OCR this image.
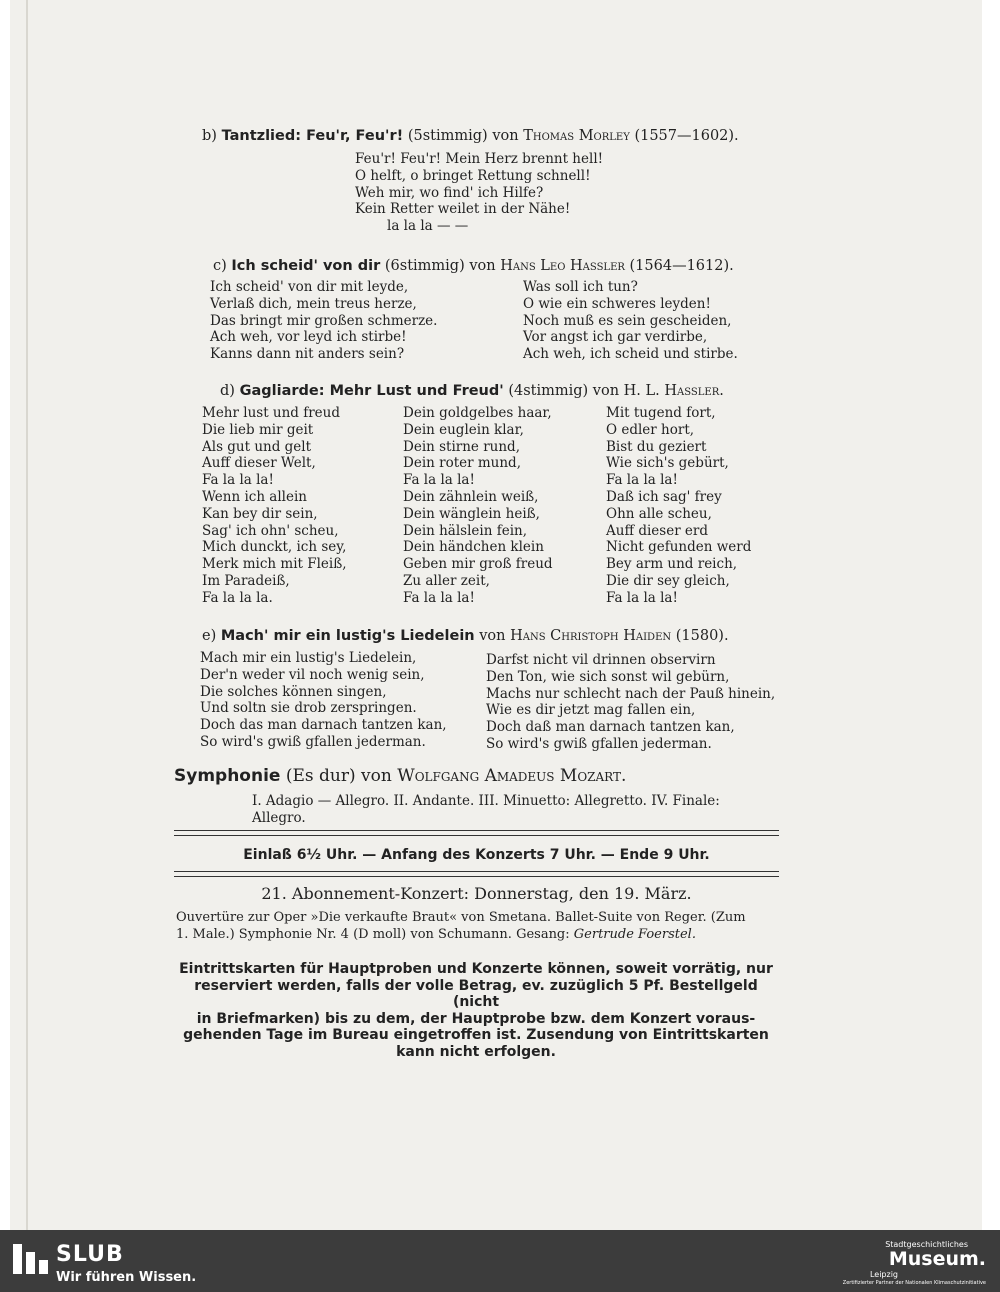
b) Tantzlied: Feu'r, Feu'r! (5stimmig) von Thomas Morley (1557—1602).
Feu'r! Feu'r! Mein Herz brennt hell!
O helft, o bringet Rettung schnell!
Weh mir, wo find' ich Hilfe?
Kein Retter weilet in der Nähe!
la la la — —
c) Ich scheid' von dir (6stimmig) von Hans Leo Hassler (1564—1612).
Ich scheid' von dir mit leyde,
Verlaß dich, mein treus herze,
Das bringt mir großen schmerze.
Ach weh, vor leyd ich stirbe!
Kanns dann nit anders sein?
Was soll ich tun?
O wie ein schweres leyden!
Noch muß es sein gescheiden,
Vor angst ich gar verdirbe,
Ach weh, ich scheid und stirbe.
d) Gagliarde: Mehr Lust und Freud' (4stimmig) von H. L. Hassler.
Mehr lust und freud
Die lieb mir geit
Als gut und gelt
Auff dieser Welt,
Fa la la la!
Wenn ich allein
Kan bey dir sein,
Sag' ich ohn' scheu,
Mich dunckt, ich sey,
Merk mich mit Fleiß,
Im Paradeiß,
Fa la la la.
Dein goldgelbes haar,
Dein euglein klar,
Dein stirne rund,
Dein roter mund,
Fa la la la!
Dein zähnlein weiß,
Dein wänglein heiß,
Dein hälslein fein,
Dein händchen klein
Geben mir groß freud
Zu aller zeit,
Fa la la la!
Mit tugend fort,
O edler hort,
Bist du geziert
Wie sich's gebürt,
Fa la la la!
Daß ich sag' frey
Ohn alle scheu,
Auff dieser erd
Nicht gefunden werd
Bey arm und reich,
Die dir sey gleich,
Fa la la la!
e) Mach' mir ein lustig's Liedelein von Hans Christoph Haiden (1580).
Mach mir ein lustig's Liedelein,
Der'n weder vil noch wenig sein,
Die solches können singen,
Und soltn sie drob zerspringen.
Doch das man darnach tantzen kan,
So wird's gwiß gfallen jederman.
Darfst nicht vil drinnen observirn
Den Ton, wie sich sonst wil gebürn,
Machs nur schlecht nach der Pauß hinein,
Wie es dir jetzt mag fallen ein,
Doch daß man darnach tantzen kan,
So wird's gwiß gfallen jederman.
Symphonie (Es dur) von Wolfgang Amadeus Mozart.
I. Adagio — Allegro. II. Andante. III. Minuetto: Allegretto. IV. Finale:
Allegro.
Einlaß 6½ Uhr. — Anfang des Konzerts 7 Uhr. — Ende 9 Uhr.
21. Abonnement-Konzert: Donnerstag, den 19. März.
Ouvertüre zur Oper »Die verkaufte Braut« von Smetana. Ballet-Suite von Reger. (Zum
1. Male.) Symphonie Nr. 4 (D moll) von Schumann. Gesang: Gertrude Foerstel.
Eintrittskarten für Hauptproben und Konzerte können, soweit vorrätig, nur
reserviert werden, falls der volle Betrag, ev. zuzüglich 5 Pf. Bestellgeld (nicht
in Briefmarken) bis zu dem, der Hauptprobe bzw. dem Konzert voraus-
gehenden Tage im Bureau eingetroffen ist. Zusendung von Eintrittskarten
kann nicht erfolgen.
SLUB
Wir führen Wissen.
Stadtgeschichtliches
Museum.
Leipzig
Zertifizierter Partner der Nationalen Klimaschutzinitiative
